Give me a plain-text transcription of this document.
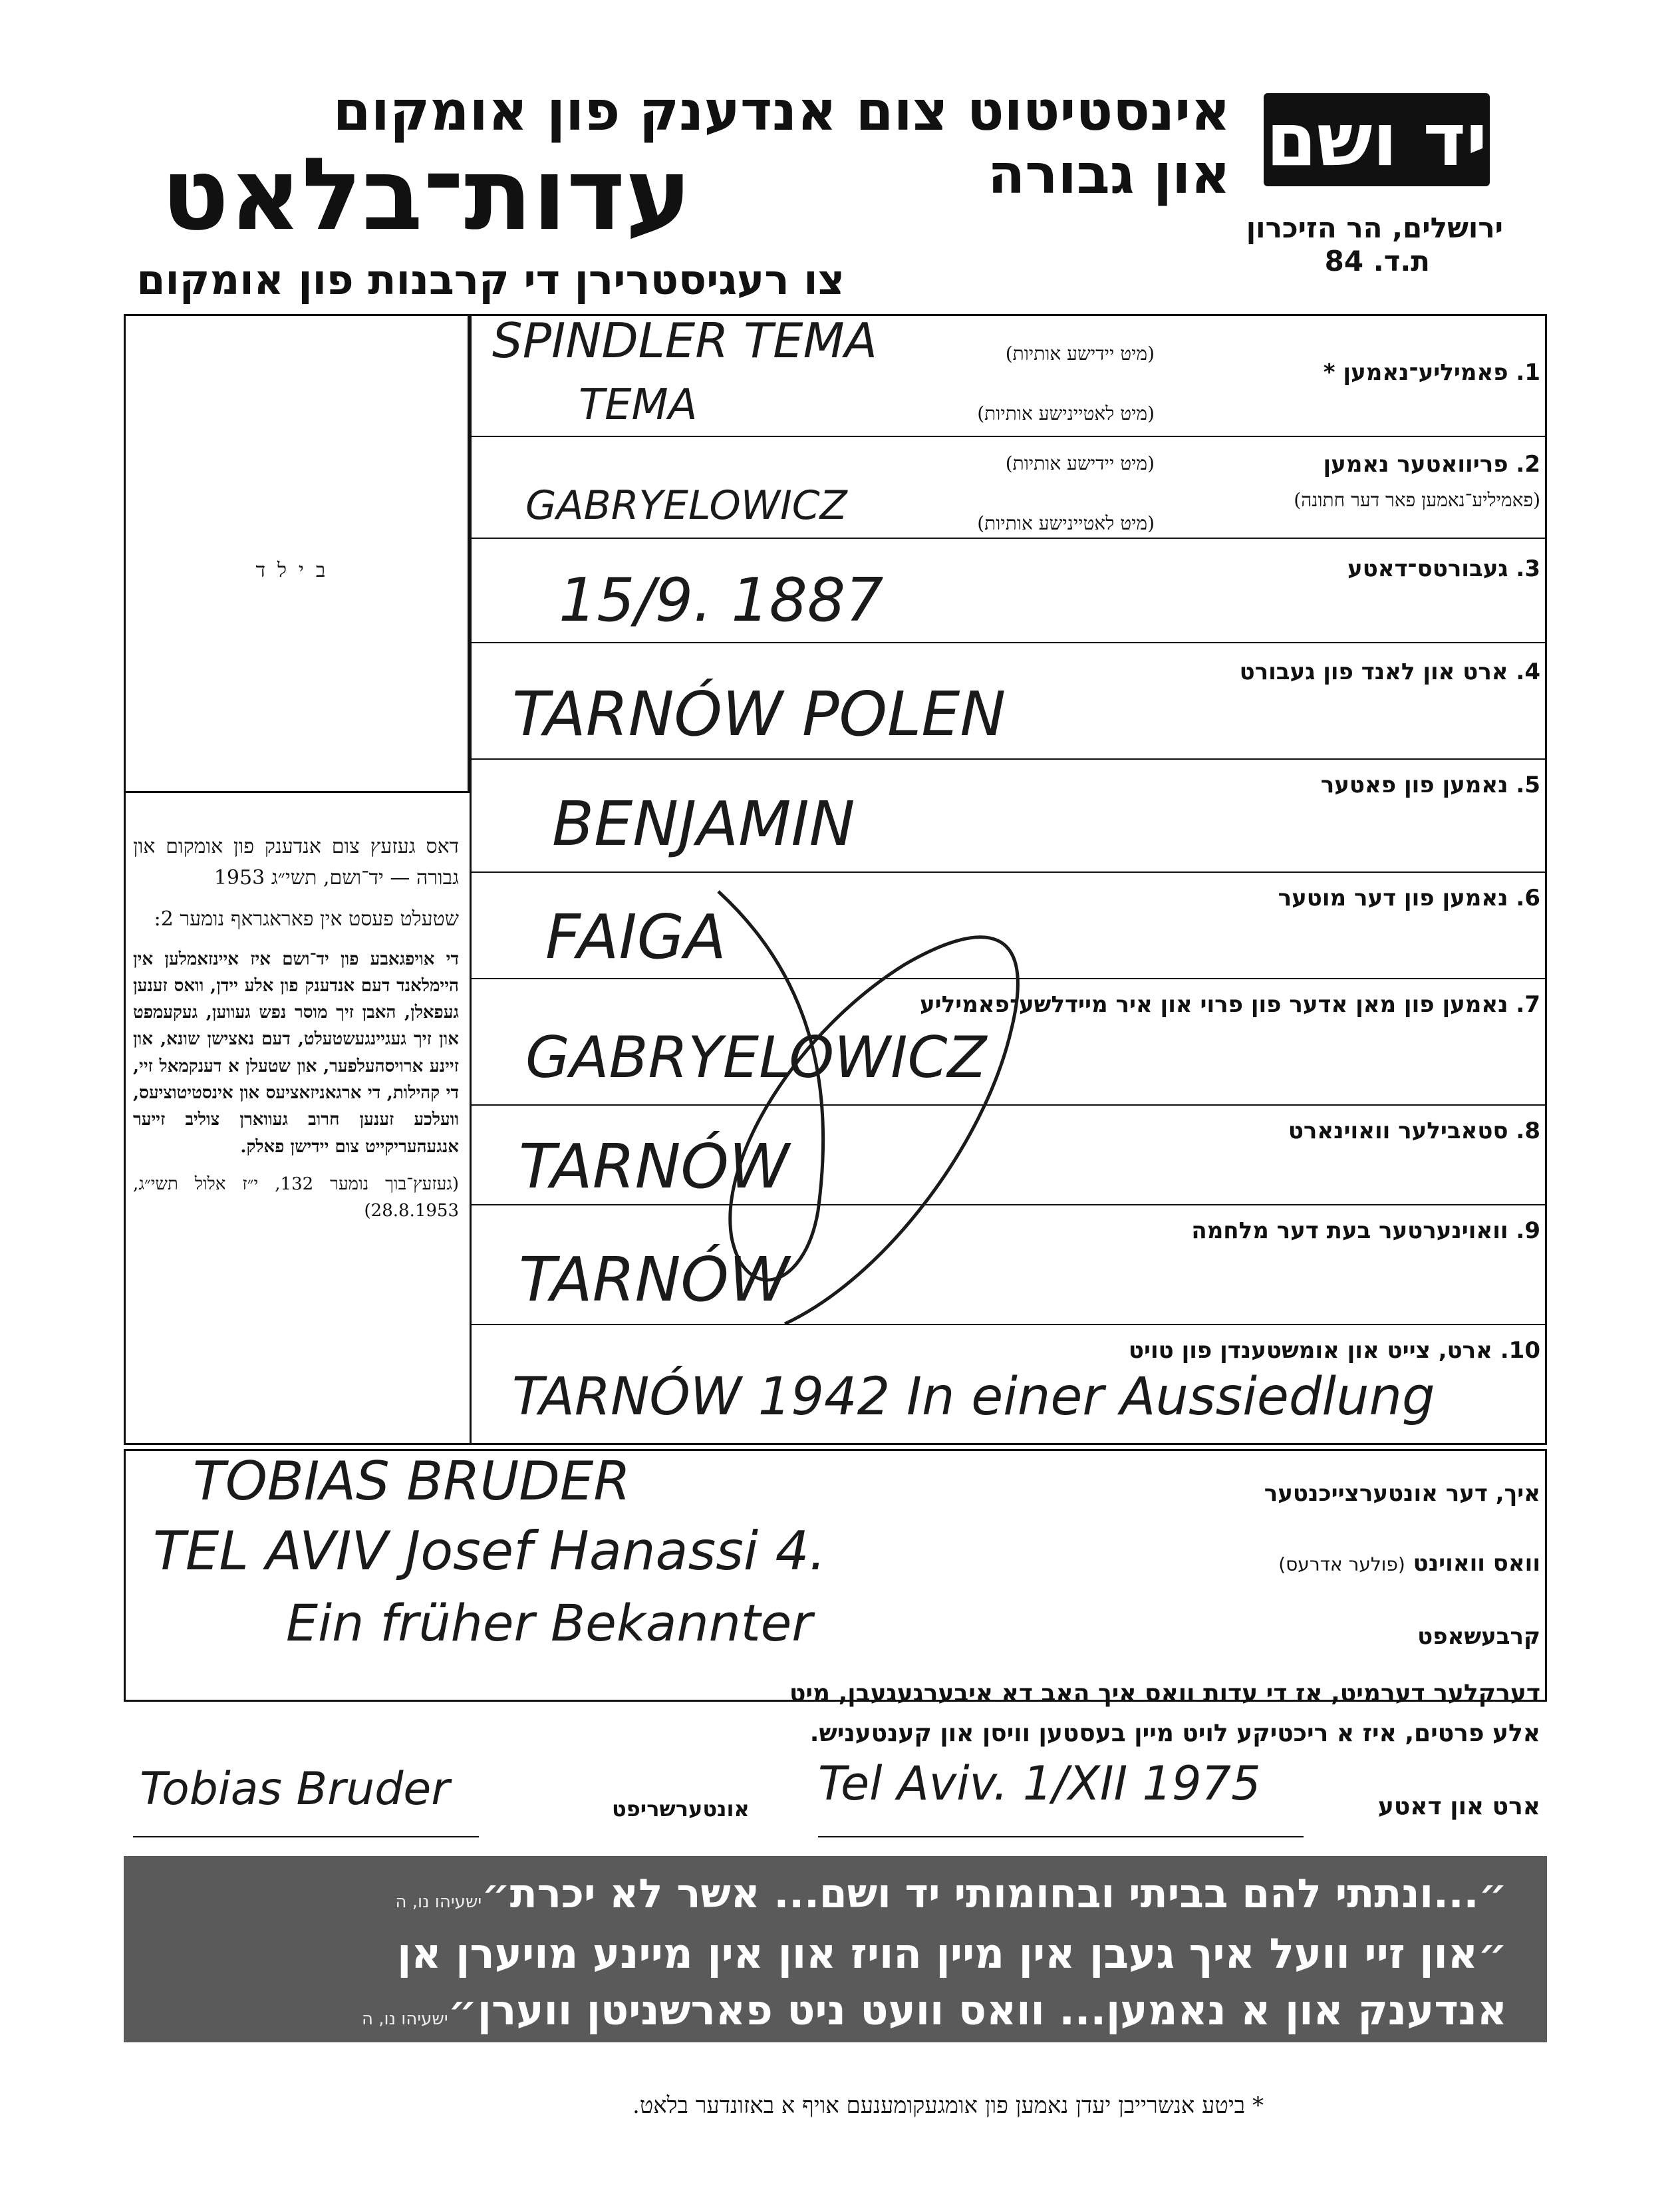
אינסטיטוט צום אנדענק פון אומקום און גבורה
עדות־בלאט
צו רעגיסטרירן די קרבנות פון אומקום
יד ושם
ירושלים, הר הזיכרון
ת.ד. 84
בילד
1. פאמיליע־נאמען *
(מיט יידישע אותיות)
(מיט לאטיינישע אותיות)
SPINDLER TEMA
TEMA
2. פריוואטער נאמען
(מיט יידישע אותיות)
(פאמיליע־נאמען פאר דער חתונה)
(מיט לאטיינישע אותיות)
GABRYELOWICZ
3. געבורטס־דאטע
15/9. 1887
4. ארט און לאנד פון געבורט
TARNÓW POLEN
5. נאמען פון פאטער
BENJAMIN
6. נאמען פון דער מוטער
FAIGA
7. נאמען פון מאן אדער פון פרוי און איר מיידלשע־פאמיליע
GABRYELOWICZ
8. סטאבילער וואוינארט
TARNÓW
9. וואוינערטער בעת דער מלחמה
TARNÓW
10. ארט, צייט און אומשטענדן פון טויט
TARNÓW 1942 In einer Aussiedlung

דאס געזעץ צום אנדענק פון אומקום און גבורה — יד־ושם, תשי״ג 1953

שטעלט פעסט אין פאראגראף נומער 2:

די אויפגאבע פון יד־ושם איז איינזאמלען אין היימלאנד דעם אנדענק פון אלע יידן, וואס זענען געפאלן, האבן זיך מוסר נפש געווען, געקעמפט און זיך געגיינגעשטעלט, דעם נאצישן שונא, און זיינע ארויסהעלפער, און שטעלן א דענקמאל זיי, די קהילות, די ארגאניזאציעס און אינסטיטוציעס, וועלכע זענען חרוב געווארן צוליב זייער אנגעהעריקייט צום יידישן פאלק.

(געזעץ־בוך נומער 132, י״ז אלול תשי״ג, 28.8.1953)

איך, דער אונטערצייכנטער
TOBIAS BRUDER
וואס וואוינט (פולער אדרעס)
TEL AVIV Josef Hanassi 4.
קרבעשאפט
Ein früher Bekannter
דערקלער דערמיט, אז די עדות וואס איך האב דא איבערגעגעבן, מיט
אלע פרטים, איז א ריכטיקע לויט מיין בעסטען וויסן און קענטעניש.
ארט און דאטע
Tel Aviv. 1/XII 1975
אונטערשריפט
Tobias Bruder
״...ונתתי להם בביתי ובחומותי יד ושם... אשר לא יכרת״ישעיהו נו, ה
״און זיי וועל איך געבן אין מיין הויז און אין מיינע מויערן אן
אנדענק און א נאמען... וואס וועט ניט פארשניטן ווערן״ישעיהו נו, ה
* ביטע אנשרייבן יעדן נאמען פון אומגעקומענעם אויף א באזונדער בלאט.
